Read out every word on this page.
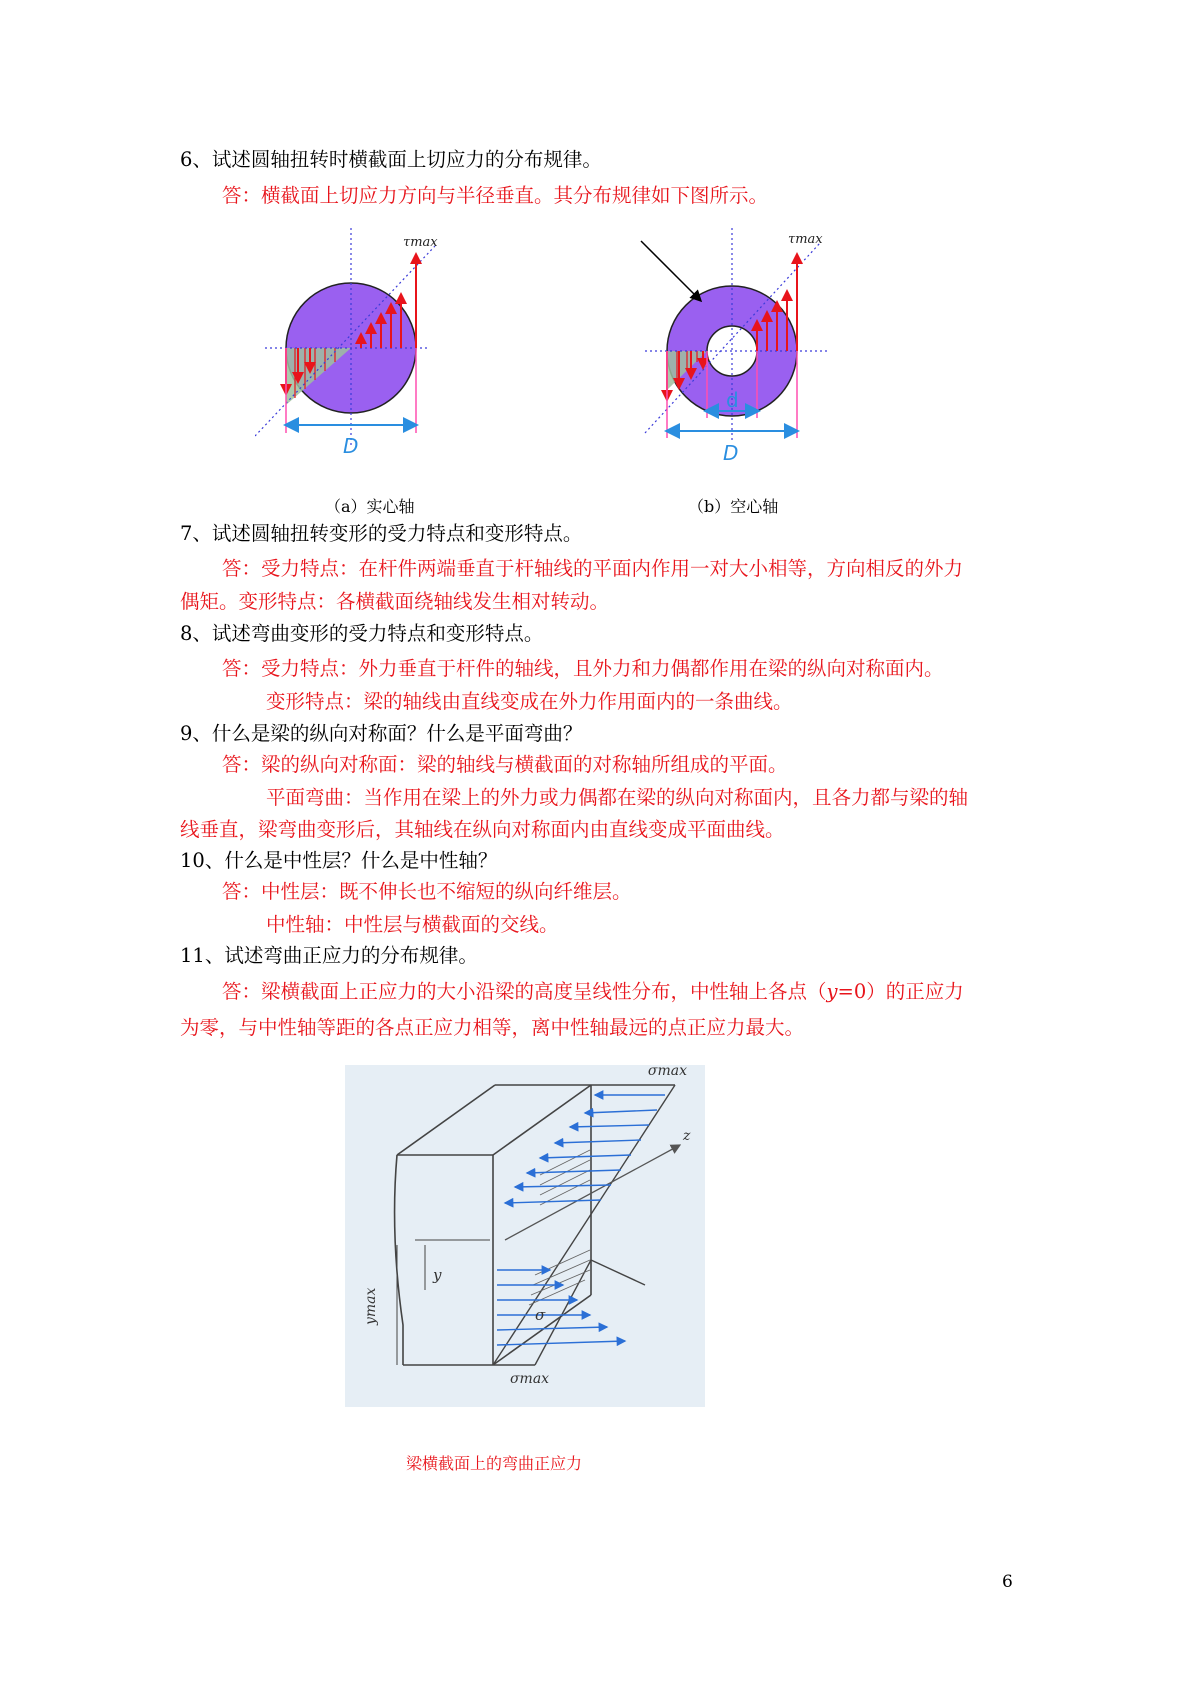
6、试述圆轴扭转时横截面上切应力的分布规律。
答：横截面上切应力方向与半径垂直。其分布规律如下图所示。
τmax
D
τmax
d
D
（a）实心轴	（b）空心轴
7、试述圆轴扭转变形的受力特点和变形特点。
答：受力特点：在杆件两端垂直于杆轴线的平面内作用一对大小相等，方向相反的外力
偶矩。变形特点：各横截面绕轴线发生相对转动。
8、试述弯曲变形的受力特点和变形特点。
答：受力特点：外力垂直于杆件的轴线，且外力和力偶都作用在梁的纵向对称面内。
变形特点：梁的轴线由直线变成在外力作用面内的一条曲线。
9、什么是梁的纵向对称面？什么是平面弯曲？
答：梁的纵向对称面：梁的轴线与横截面的对称轴所组成的平面。
平面弯曲：当作用在梁上的外力或力偶都在梁的纵向对称面内，且各力都与梁的轴
线垂直，梁弯曲变形后，其轴线在纵向对称面内由直线变成平面曲线。
10、什么是中性层？什么是中性轴？
答：中性层：既不伸长也不缩短的纵向纤维层。
中性轴：中性层与横截面的交线。
11、试述弯曲正应力的分布规律。
答：梁横截面上正应力的大小沿梁的高度呈线性分布，中性轴上各点（y=0）的正应力
为零，与中性轴等距的各点正应力相等，离中性轴最远的点正应力最大。
σmax
σmax
σ
y
ymax
z
梁横截面上的弯曲正应力
6
